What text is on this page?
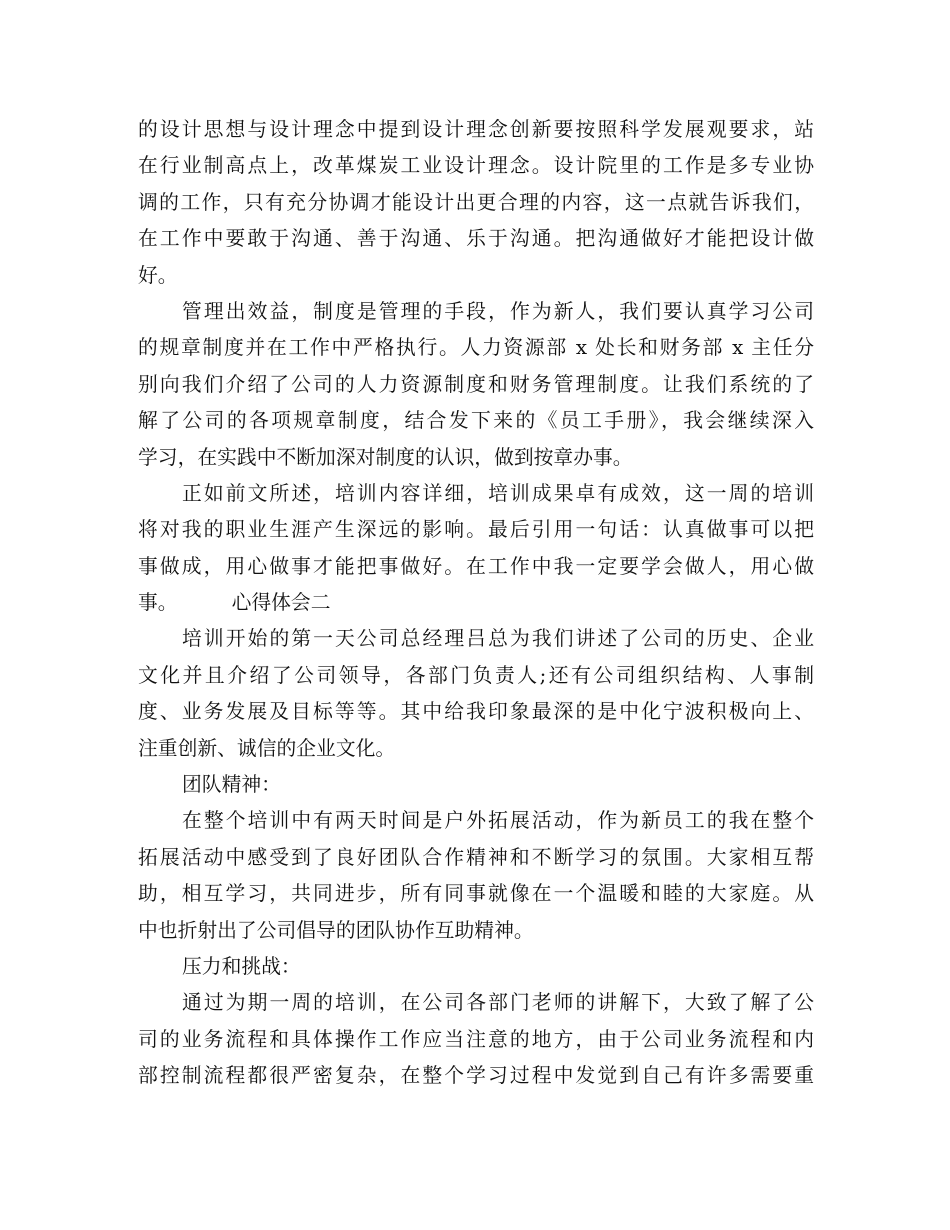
的设计思想与设计理念中提到设计理念创新要按照科学发展观要求，站
在行业制高点上，改革煤炭工业设计理念。设计院里的工作是多专业协
调的工作，只有充分协调才能设计出更合理的内容，这一点就告诉我们，
在工作中要敢于沟通、善于沟通、乐于沟通。把沟通做好才能把设计做
好。
管理出效益，制度是管理的手段，作为新人，我们要认真学习公司
的规章制度并在工作中严格执行。人力资源部 x 处长和财务部 x 主任分
别向我们介绍了公司的人力资源制度和财务管理制度。让我们系统的了
解了公司的各项规章制度，结合发下来的《员工手册》，我会继续深入
学习，在实践中不断加深对制度的认识，做到按章办事。
正如前文所述，培训内容详细，培训成果卓有成效，这一周的培训
将对我的职业生涯产生深远的影响。最后引用一句话：认真做事可以把
事做成，用心做事才能把事做好。在工作中我一定要学会做人，用心做
事。	心得体会二
培训开始的第一天公司总经理吕总为我们讲述了公司的历史、企业
文化并且介绍了公司领导，各部门负责人;还有公司组织结构、人事制
度、业务发展及目标等等。其中给我印象最深的是中化宁波积极向上、
注重创新、诚信的企业文化。
团队精神：
在整个培训中有两天时间是户外拓展活动，作为新员工的我在整个
拓展活动中感受到了良好团队合作精神和不断学习的氛围。大家相互帮
助，相互学习，共同进步，所有同事就像在一个温暖和睦的大家庭。从
中也折射出了公司倡导的团队协作互助精神。
压力和挑战：
通过为期一周的培训，在公司各部门老师的讲解下，大致了解了公
司的业务流程和具体操作工作应当注意的地方，由于公司业务流程和内
部控制流程都很严密复杂，在整个学习过程中发觉到自己有许多需要重
